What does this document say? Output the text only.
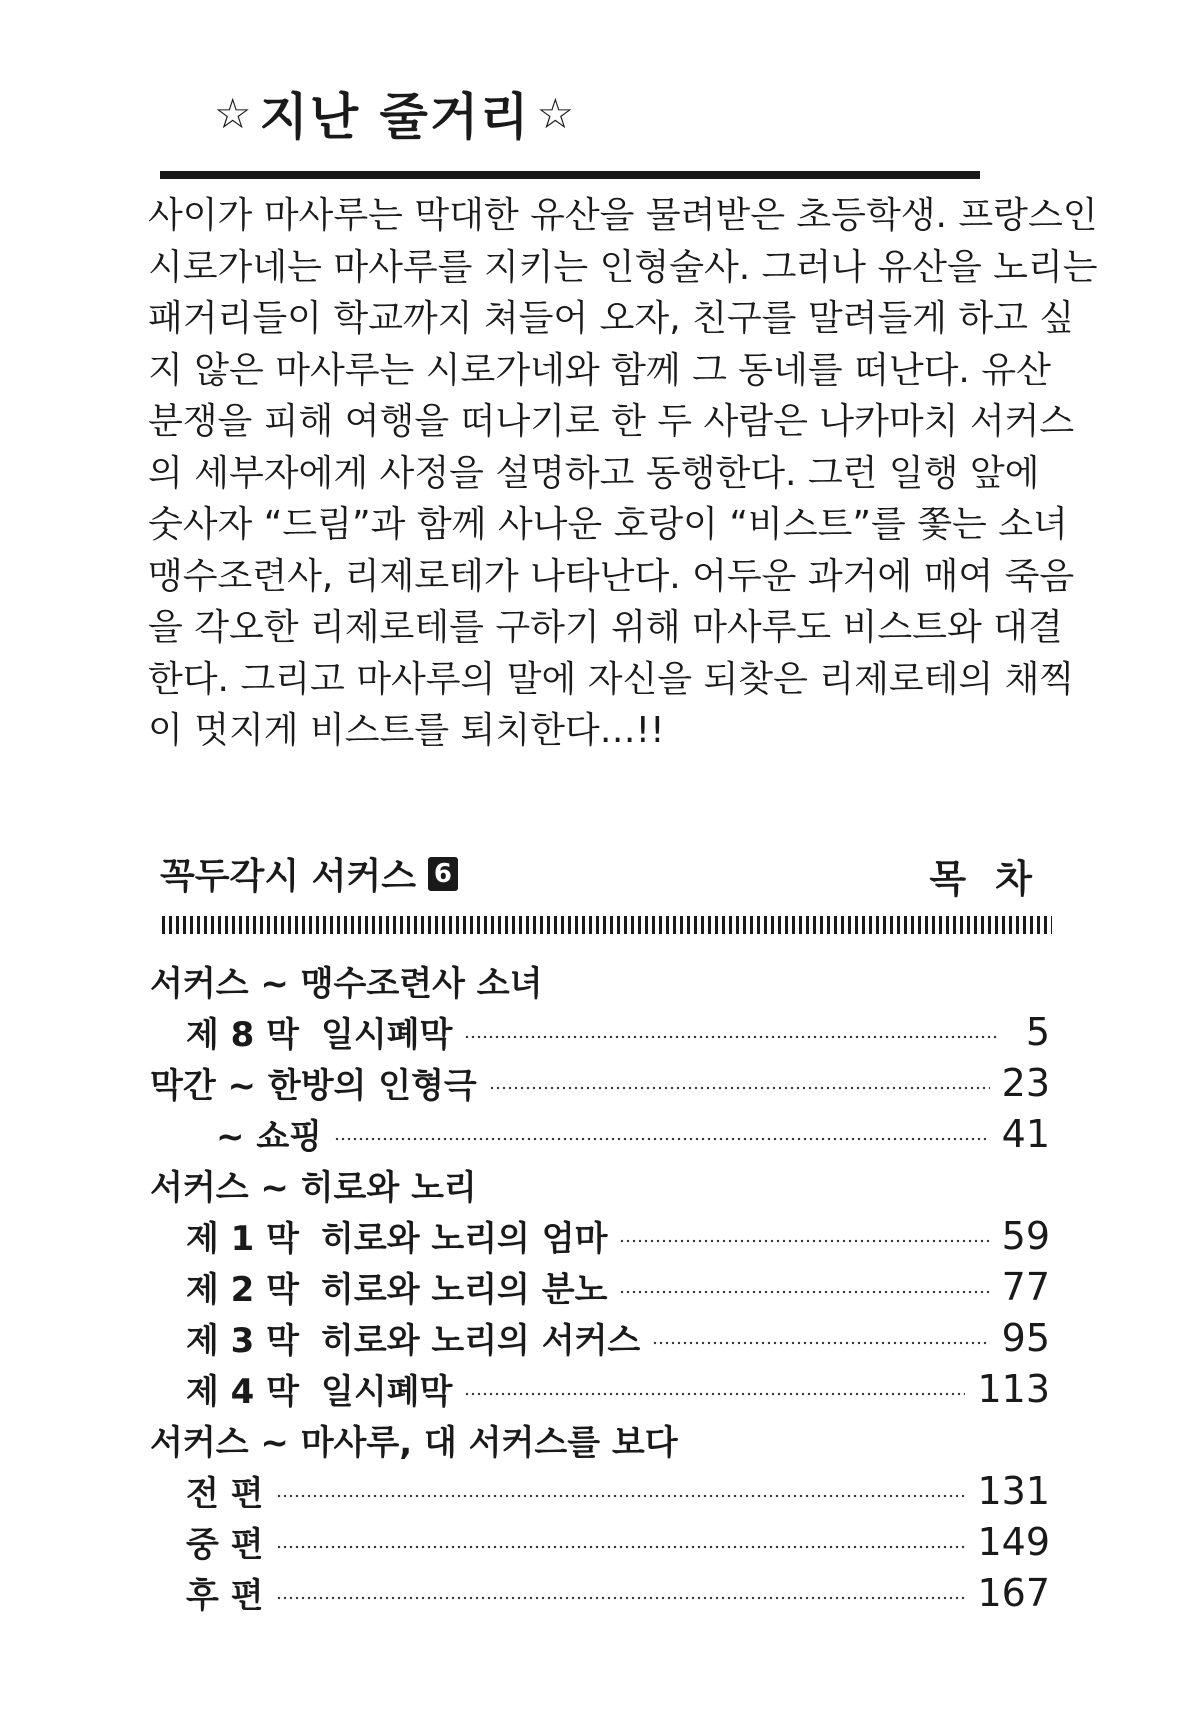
☆ 지난 줄거리 ☆
사이가 마사루는 막대한 유산을 물려받은 초등학생. 프랑스인
시로가네는 마사루를 지키는 인형술사. 그러나 유산을 노리는
패거리들이 학교까지 쳐들어 오자, 친구를 말려들게 하고 싶
지 않은 마사루는 시로가네와 함께 그 동네를 떠난다. 유산
분쟁을 피해 여행을 떠나기로 한 두 사람은 나카마치 서커스
의 세부자에게 사정을 설명하고 동행한다. 그런 일행 앞에
숫사자 “드림”과 함께 사나운 호랑이 “비스트”를 쫓는 소녀
맹수조련사, 리제로테가 나타난다. 어두운 과거에 매여 죽음
을 각오한 리제로테를 구하기 위해 마사루도 비스트와 대결
한다. 그리고 마사루의 말에 자신을 되찾은 리제로테의 채찍
이 멋지게 비스트를 퇴치한다…!!
꼭두각시 서커스 6	목 차
서커스 ~ 맹수조련사 소녀
제 8 막 일시폐막	5
막간 ~ 한방의 인형극	23
~ 쇼핑	41
서커스 ~ 히로와 노리
제 1 막 히로와 노리의 엄마	59
제 2 막 히로와 노리의 분노	77
제 3 막 히로와 노리의 서커스	95
제 4 막 일시폐막	113
서커스 ~ 마사루, 대 서커스를 보다
전 편	131
중 편	149
후 편	167
